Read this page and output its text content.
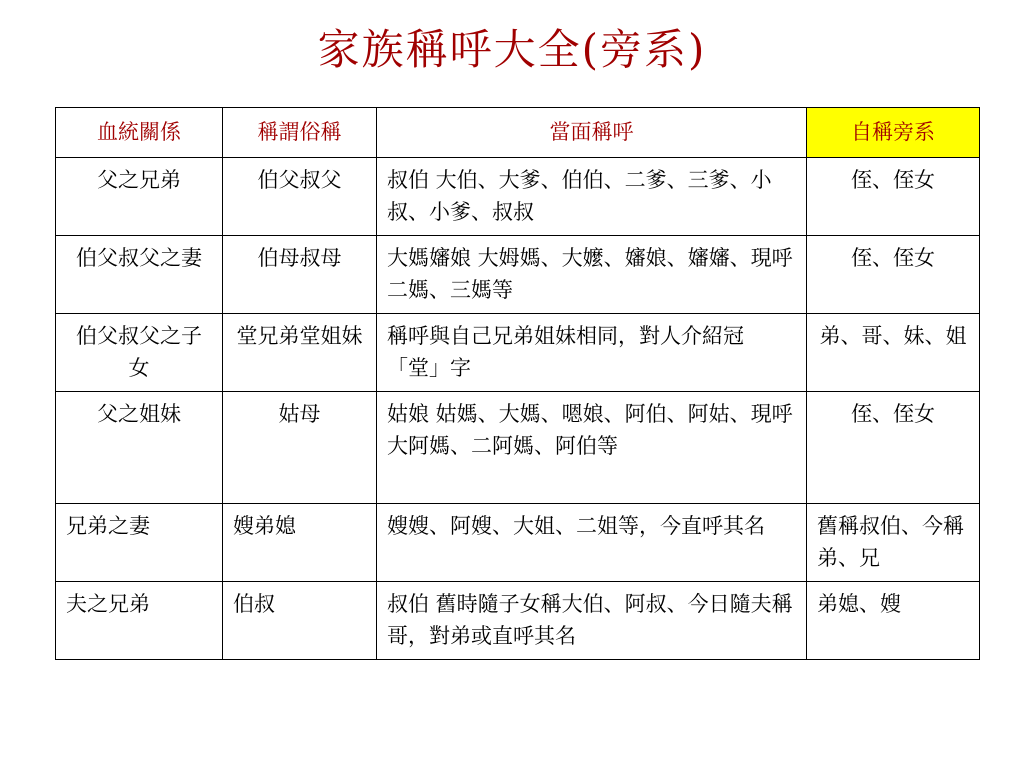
家族稱呼大全(旁系)
血統關係	稱謂俗稱	當面稱呼	自稱旁系
父之兄弟	伯父叔父	叔伯 大伯、大爹、伯伯、二爹、三爹、小叔、小爹、叔叔	侄、侄女
伯父叔父之妻	伯母叔母	大媽嬸娘 大姆媽、大嬤、嬸娘、嬸嬸、現呼二媽、三媽等	侄、侄女
伯父叔父之子女	堂兄弟堂姐妹	稱呼與自己兄弟姐妹相同，對人介紹冠「堂」字	弟、哥、妹、姐
父之姐妹	姑母	姑娘 姑媽、大媽、嗯娘、阿伯、阿姑、現呼大阿媽、二阿媽、阿伯等	侄、侄女
兄弟之妻	嫂弟媳	嫂嫂、阿嫂、大姐、二姐等，今直呼其名	舊稱叔伯、今稱弟、兄
夫之兄弟	伯叔	叔伯 舊時隨子女稱大伯、阿叔、今日隨夫稱哥，對弟或直呼其名	弟媳、嫂
